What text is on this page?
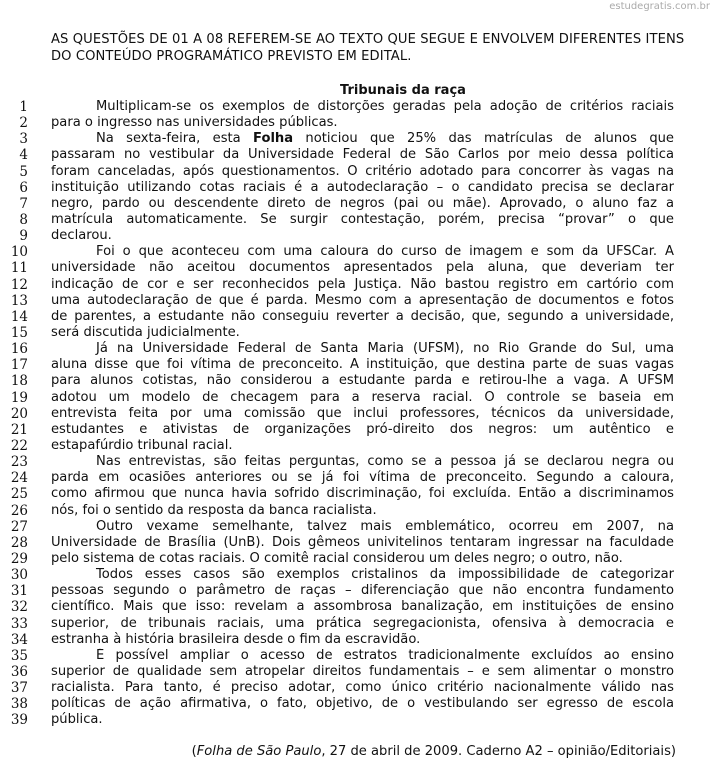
estudegratis.com.br
AS QUESTÕES DE 01 A 08 REFEREM-SE AO TEXTO QUE SEGUE E ENVOLVEM DIFERENTES ITENS DO CONTEÚDO PROGRAMÁTICO PREVISTO EM EDITAL.
Tribunais da raça
1	Multiplicam-se os exemplos de distorções geradas pela adoção de critérios raciais
2 para o ingresso nas universidades públicas.
3	Na sexta-feira, esta Folha noticiou que 25% das matrículas de alunos que
4 passaram no vestibular da Universidade Federal de São Carlos por meio dessa política
5 foram canceladas, após questionamentos. O critério adotado para concorrer às vagas na
6 instituição utilizando cotas raciais é a autodeclaração – o candidato precisa se declarar
7 negro, pardo ou descendente direto de negros (pai ou mãe). Aprovado, o aluno faz a
8 matrícula automaticamente. Se surgir contestação, porém, precisa “provar” o que
9 declarou.
10	Foi o que aconteceu com uma caloura do curso de imagem e som da UFSCar. A
11 universidade não aceitou documentos apresentados pela aluna, que deveriam ter
12 indicação de cor e ser reconhecidos pela Justiça. Não bastou registro em cartório com
13 uma autodeclaração de que é parda. Mesmo com a apresentação de documentos e fotos
14 de parentes, a estudante não conseguiu reverter a decisão, que, segundo a universidade,
15 será discutida judicialmente.
16	Já na Universidade Federal de Santa Maria (UFSM), no Rio Grande do Sul, uma
17 aluna disse que foi vítima de preconceito. A instituição, que destina parte de suas vagas
18 para alunos cotistas, não considerou a estudante parda e retirou-lhe a vaga. A UFSM
19 adotou um modelo de checagem para a reserva racial. O controle se baseia em
20 entrevista feita por uma comissão que inclui professores, técnicos da universidade,
21 estudantes e ativistas de organizações pró-direito dos negros: um autêntico e
22 estapafúrdio tribunal racial.
23	Nas entrevistas, são feitas perguntas, como se a pessoa já se declarou negra ou
24 parda em ocasiões anteriores ou se já foi vítima de preconceito. Segundo a caloura,
25 como afirmou que nunca havia sofrido discriminação, foi excluída. Então a discriminamos
26 nós, foi o sentido da resposta da banca racialista.
27	Outro vexame semelhante, talvez mais emblemático, ocorreu em 2007, na
28 Universidade de Brasília (UnB). Dois gêmeos univitelinos tentaram ingressar na faculdade
29 pelo sistema de cotas raciais. O comitê racial considerou um deles negro; o outro, não.
30	Todos esses casos são exemplos cristalinos da impossibilidade de categorizar
31 pessoas segundo o parâmetro de raças – diferenciação que não encontra fundamento
32 científico. Mais que isso: revelam a assombrosa banalização, em instituições de ensino
33 superior, de tribunais raciais, uma prática segregacionista, ofensiva à democracia e
34 estranha à história brasileira desde o fim da escravidão.
35	É possível ampliar o acesso de estratos tradicionalmente excluídos ao ensino
36 superior de qualidade sem atropelar direitos fundamentais – e sem alimentar o monstro
37 racialista. Para tanto, é preciso adotar, como único critério nacionalmente válido nas
38 políticas de ação afirmativa, o fato, objetivo, de o vestibulando ser egresso de escola
39 pública.
(Folha de São Paulo, 27 de abril de 2009. Caderno A2 – opinião/Editoriais)
